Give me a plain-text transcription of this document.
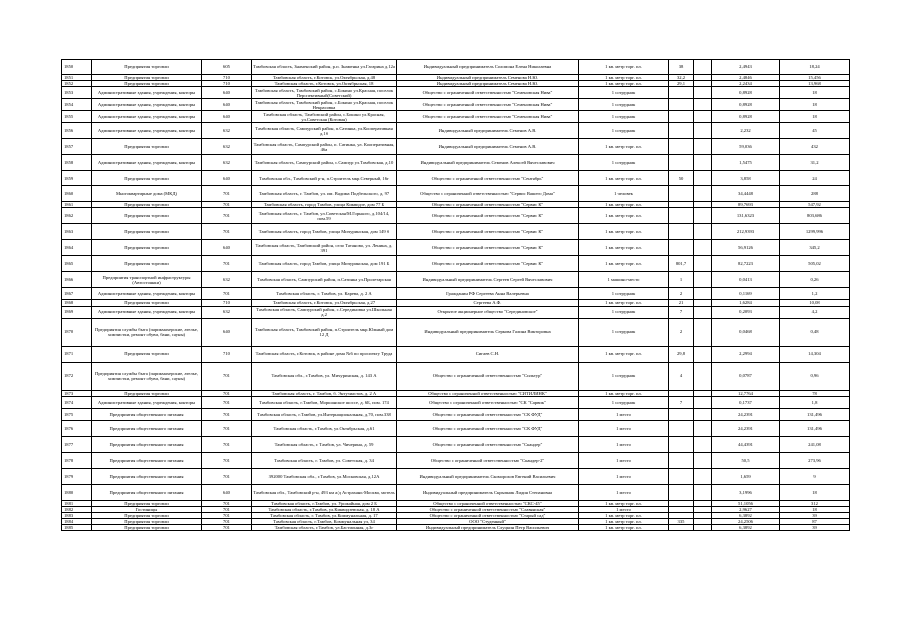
1850	Предприятия торговли	605	Тамбовская область, Знаменский район, р.п. Знаменка ул.Гагарина д.12а	Индивидуальный предприниматель Соломона Елена Николаевна	1 кв. метр торг. пл.	38		2,4943	18,24
1851	Предприятия торговли	710	Тамбовская область, г.Котовск, ул.Октябрьская, д.48	Индивидуальный предприниматель Семенова Н.Ю.	1 кв. метр торг. пл.	32,2		2,4846	15,456
1852	Предприятия торговли	710	Тамбовская область, г.Котовск, ул.Октябрьская, 18	Индивидуальный предприниматель Семенова Н.Ю.	1 кв. метр торг. пл.	29,1		2,2434	13,968
1853	Административные здания, учреждения, конторы	640	Тамбовская область, Тамбовский район, с.Бокино ул.Красная, поселок Перспективный(Советский)	Общество с ограниченной ответственностью "Семеновская Нива"	1 сотрудник			0,8928	18
1854	Административные здания, учреждения, конторы	640	Тамбовская область, Тамбовский район, с.Бокино ул.Красная, поселок Некрасовка	Общество с ограниченной ответственностью "Семеновская Нива"	1 сотрудник			0,8928	18
1855	Административные здания, учреждения, конторы	640	Тамбовская область, Тамбовский район, с.Бокино ул.Красная, ул.Советская (Котовая)	Общество с ограниченной ответственностью "Семеновская Нива"	1 сотрудник			0,8928	18
1856	Административные здания, учреждения, конторы	632	Тамбовская область, Сампурский район, п.Сатинка, ул.Кооперативная д.1б	Индивидуальный предприниматель Семенов А.В.	1 сотрудник			2,232	45
1857	Предприятия торговли	632	Тамбовская область, Сампурский район, п. Сатинка, ул. Кооперативная, 46а	Индивидуальный предприниматель Семенов А.В.	1 кв. метр торг. пл.			59,036	432
1858	Административные здания, учреждения, конторы	632	Тамбовская область, Сампурский район, с.Сампур ул.Тамбовская, д.10	Индивидуальный предприниматель Семенов Алексей Вячеславович	1 сотрудник			1,5475	31,2
1859	Предприятия торговли	640	Тамбовская обл., Тамбовский р-н, п.Строитель мкр.Северный, 16г	Общество с ограниченной ответственностью "Сентябрь"	1 кв. метр торг. пл.	50		3,858	24
1860	Многоквартирные дома (МКД)	701	Тамбовская область, г. Тамбов, ул. им. Вадима Подбельского, д. 97	Общество с ограниченной ответственностью "Сервис Вашего Дома"	1 человек			34,4448	288
1861	Предприятия торговли	701	Тамбовская область, город Тамбов, улица Киквидзе, дом 77 Б	Общество с ограниченной ответственностью "Сервис К"	1 кв. метр торг. пл.			89,7693	547,92
1862	Предприятия торговли	701	Тамбовская область, г. Тамбов, ул.Советская/М.Горького, д.104/14, пом.59	Общество с ограниченной ответственностью "Сервис К"	1 кв. метр торг. пл.			131,6323	803,686
1863	Предприятия торговли	701	Тамбовская область, город Тамбов, улица Мичуринская, дом 149 б	Общество с ограниченной ответственностью "Сервис К"	1 кв. метр торг. пл.			212,9393	1299,996
1864	Предприятия торговли	640	Тамбовская область, Тамбовский район, село Татаново, ул. Ленина, д. 391	Общество с ограниченной ответственностью "Сервис К"	1 кв. метр торг. пл.			56,9126	345,2
1865	Предприятия торговли	701	Тамбовская область, город Тамбов, улица Мичуринская, дом 191 Б	Общество с ограниченной ответственностью "Сервис К"	1 кв. метр торг. пл.	801,7		82,7223	505,02
1866	Предприятия транспортной инфраструктуры (Автостоянки)	632	Тамбовская область, Сампурский район, п.Сатинка ул.Пролетарская	Индивидуальный предприниматель Сергеев Сергей Вячеславович	1 машино-место	1		0,0413	0,26
1867	Административные здания, учреждения, конторы	701	Тамбовская область, г. Тамбов, ул. Карева, д. 2 А	Гражданин РФ Сергеева Анна Валерьевна	1 сотрудник	2		0,1169	1,2
1868	Предприятия торговли	710	Тамбовская область, г.Котовск, ул.Октябрьская, д.27	Сергеева А.Ф.	1 кв. метр торг. пл.	21		1,6284	10,08
1869	Административные здания, учреждения, конторы	632	Тамбовская область, Сампурский район, с.Серединовка ул.Школьная д.2	Открытое акционерное общество "Серединовское"	1 сотрудник	7		0,2093	4,2
1870	Предприятия службы быта (парикмахерские, ателье, химчистки, ремонт обуви, бани, сауны)	640	Тамбовская область, Тамбовский район, п.Строитель мкр.Южный дом 12 Д	Индивидуальный предприниматель Серкова Галина Викторовна	1 сотрудник	2		0,0468	0,48
1871	Предприятия торговли	710	Тамбовская область, г.Котовск, в районе дома №6 по проспекту Труда	Сигаев С.Н.	1 кв. метр торг. пл.	29,8		2,2994	14,304
1872	Предприятия службы быта (парикмахерские, ателье, химчистки, ремонт обуви, бани, сауны)	701	Тамбовская обл., г.Тамбов, ул. Мичуринская, д. 143 А	Общество с ограниченной ответственностью "Сильтур"	1 сотрудник	4		0,0787	0,96
1873	Предприятия торговли	701	Тамбовская область, г. Тамбов, б. Энтузиастов, д. 2 А	Общество с ограниченной ответственностью "СИТИЛИНК"	1 кв. метр торг. пл.			12,7764	78
1874	Административные здания, учреждения, конторы	701	Тамбовская область, г.Тамбов, Моршанское шоссе, д. 6Б, пом. 174	Общество с ограниченной ответственностью "СК "Сарвик"	1 сотрудник	7		0,1737	1,8
1875	Предприятия общественного питания	701	Тамбовская область, г.Тамбов, ул.Интернациональная, д.70, пом.338	Общество с ограниченной ответственностью "СК ФУД"	1 место			24,2391	131,496
1876	Предприятия общественного питания	701	Тамбовская область, г.Тамбов, ул.Октябрьская, д.61	Общество с ограниченной ответственностью "СК ФУД"	1 место			24,2391	131,496
1877	Предприятия общественного питания	701	Тамбовская область, г. Тамбов, ул. Чичерина, д. 59	Общество с ограниченной ответственностью "Скандер"	1 место			44,4391	241,08
1878	Предприятия общественного питания	701	Тамбовская область, г. Тамбов, ул. Советская, д. 34	Общество с ограниченной ответственностью "Скандер-2"	1 место			50,5	273,96
1879	Предприятия общественного питания	701	392000 Тамбовская обл., г.Тамбов, ул.Московская, д.12А	Индивидуальный предприниматель Скоморохов Евгений Васильевич	1 место			1,659	9
1880	Предприятия общественного питания	640	Тамбовская обл., Тамбовский р-н, 493 км а/д Астрахань-Москва, мотель	Индивидуальный предприниматель Скрыпник Лидия Степановна	1 место			3,1996	18
1881	Предприятия торговли	701	Тамбовская область, г.Тамбов, ул. Урожайная, дом 2 Б	Общество с ограниченной ответственностью "СКС-45"	1 кв. метр торг. пл.			51,1056	312
1882	Гостиницы	701	Тамбовская область, г.Тамбов, ул.Киквидзевская, д. 18 А	Общество с ограниченной ответственностью "Славянская"	1 место			2,9627	18
1883	Предприятия торговли	701	Тамбовская область, г. Тамбов, ул.Коммунальная, д. 17	Общество с ограниченной ответственностью "Старый сад"	1 кв. метр торг. пл.			6,3892	39
1884	Предприятия торговли	701	Тамбовская область, г.Тамбов, Коммунальная ул, 34	ООО "Студенный"	1 кв. метр торг. пл.	335		24,2506	87
1885	Предприятия торговли	701	Тамбовская область, г.Тамбов, ул.Бастионная, д.3г	Индивидуальный предприниматель Слуцкин Петр Васильевич	1 кв. метр торг. пл.			6,3892	39
